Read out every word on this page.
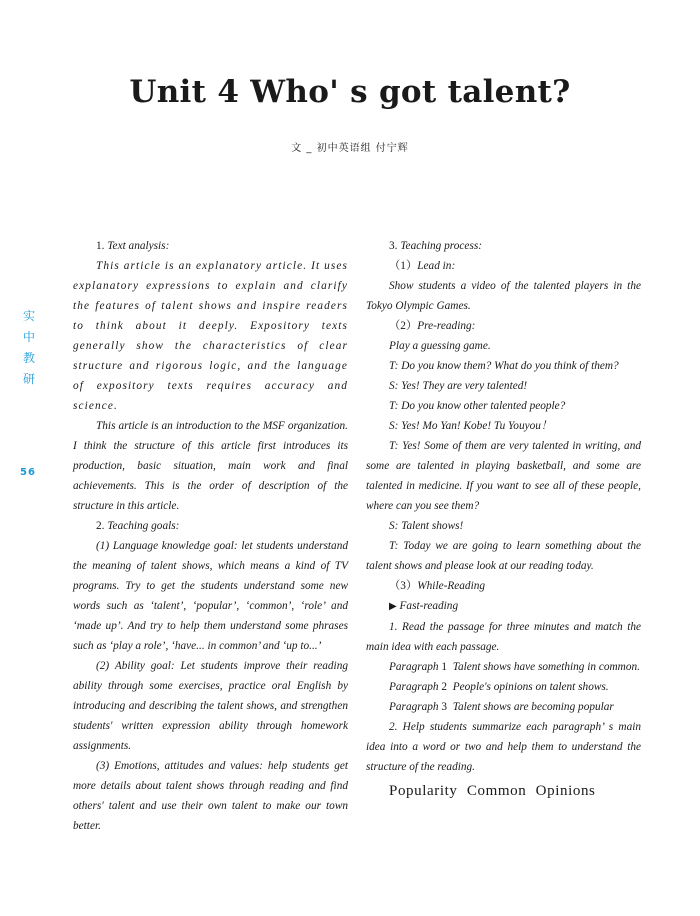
Unit 4 Who' s got talent?
文 _ 初中英语组 付宁辉
实
中
教
研
56

1. Text analysis:

This article is an explanatory article. It uses explanatory expressions to explain and clarify the features of talent shows and inspire readers to think about it deeply. Expository texts generally show the characteristics of clear structure and rigorous logic, and the language of expository texts requires accuracy and science.

This article is an introduction to the MSF organization. I think the structure of this article first introduces its production, basic situation, main work and final achievements. This is the order of description of the structure in this article.

2. Teaching goals:

(1) Language knowledge goal: let students understand the meaning of talent shows, which means a kind of TV programs. Try to get the students understand some new words such as ‘talent’, ‘popular’, ‘common’, ‘role’ and ‘made up’. And try to help them understand some phrases such as ‘play a role’, ‘have... in common’ and ‘up to...’

(2) Ability goal: Let students improve their reading ability through some exercises, practice oral English by introducing and describing the talent shows, and strengthen students' written expression ability through homework assignments.

(3) Emotions, attitudes and values: help students get more details about talent shows through reading and find others' talent and use their own talent to make our town better.

3. Teaching process:

（1）Lead in:

Show students a video of the talented players in the Tokyo Olympic Games.

（2）Pre-reading:

Play a guessing game.

T: Do you know them? What do you think of them?

S: Yes! They are very talented!

T: Do you know other talented people?

S: Yes! Mo Yan! Kobe! Tu Youyou！

T: Yes! Some of them are very talented in writing, and some are talented in playing basketball, and some are talented in medicine. If you want to see all of these people, where can you see them?

S: Talent shows!

T: Today we are going to learn something about the talent shows and please look at our reading today.

（3）While-Reading

▶ Fast-reading

1. Read the passage for three minutes and match the main idea with each passage.

Paragraph 1 Talent shows have something in common.

Paragraph 2 People's opinions on talent shows.

Paragraph 3 Talent shows are becoming popular

2. Help students summarize each paragraph’ s main idea into a word or two and help them to understand the structure of the reading.

Popularity Common Opinions
